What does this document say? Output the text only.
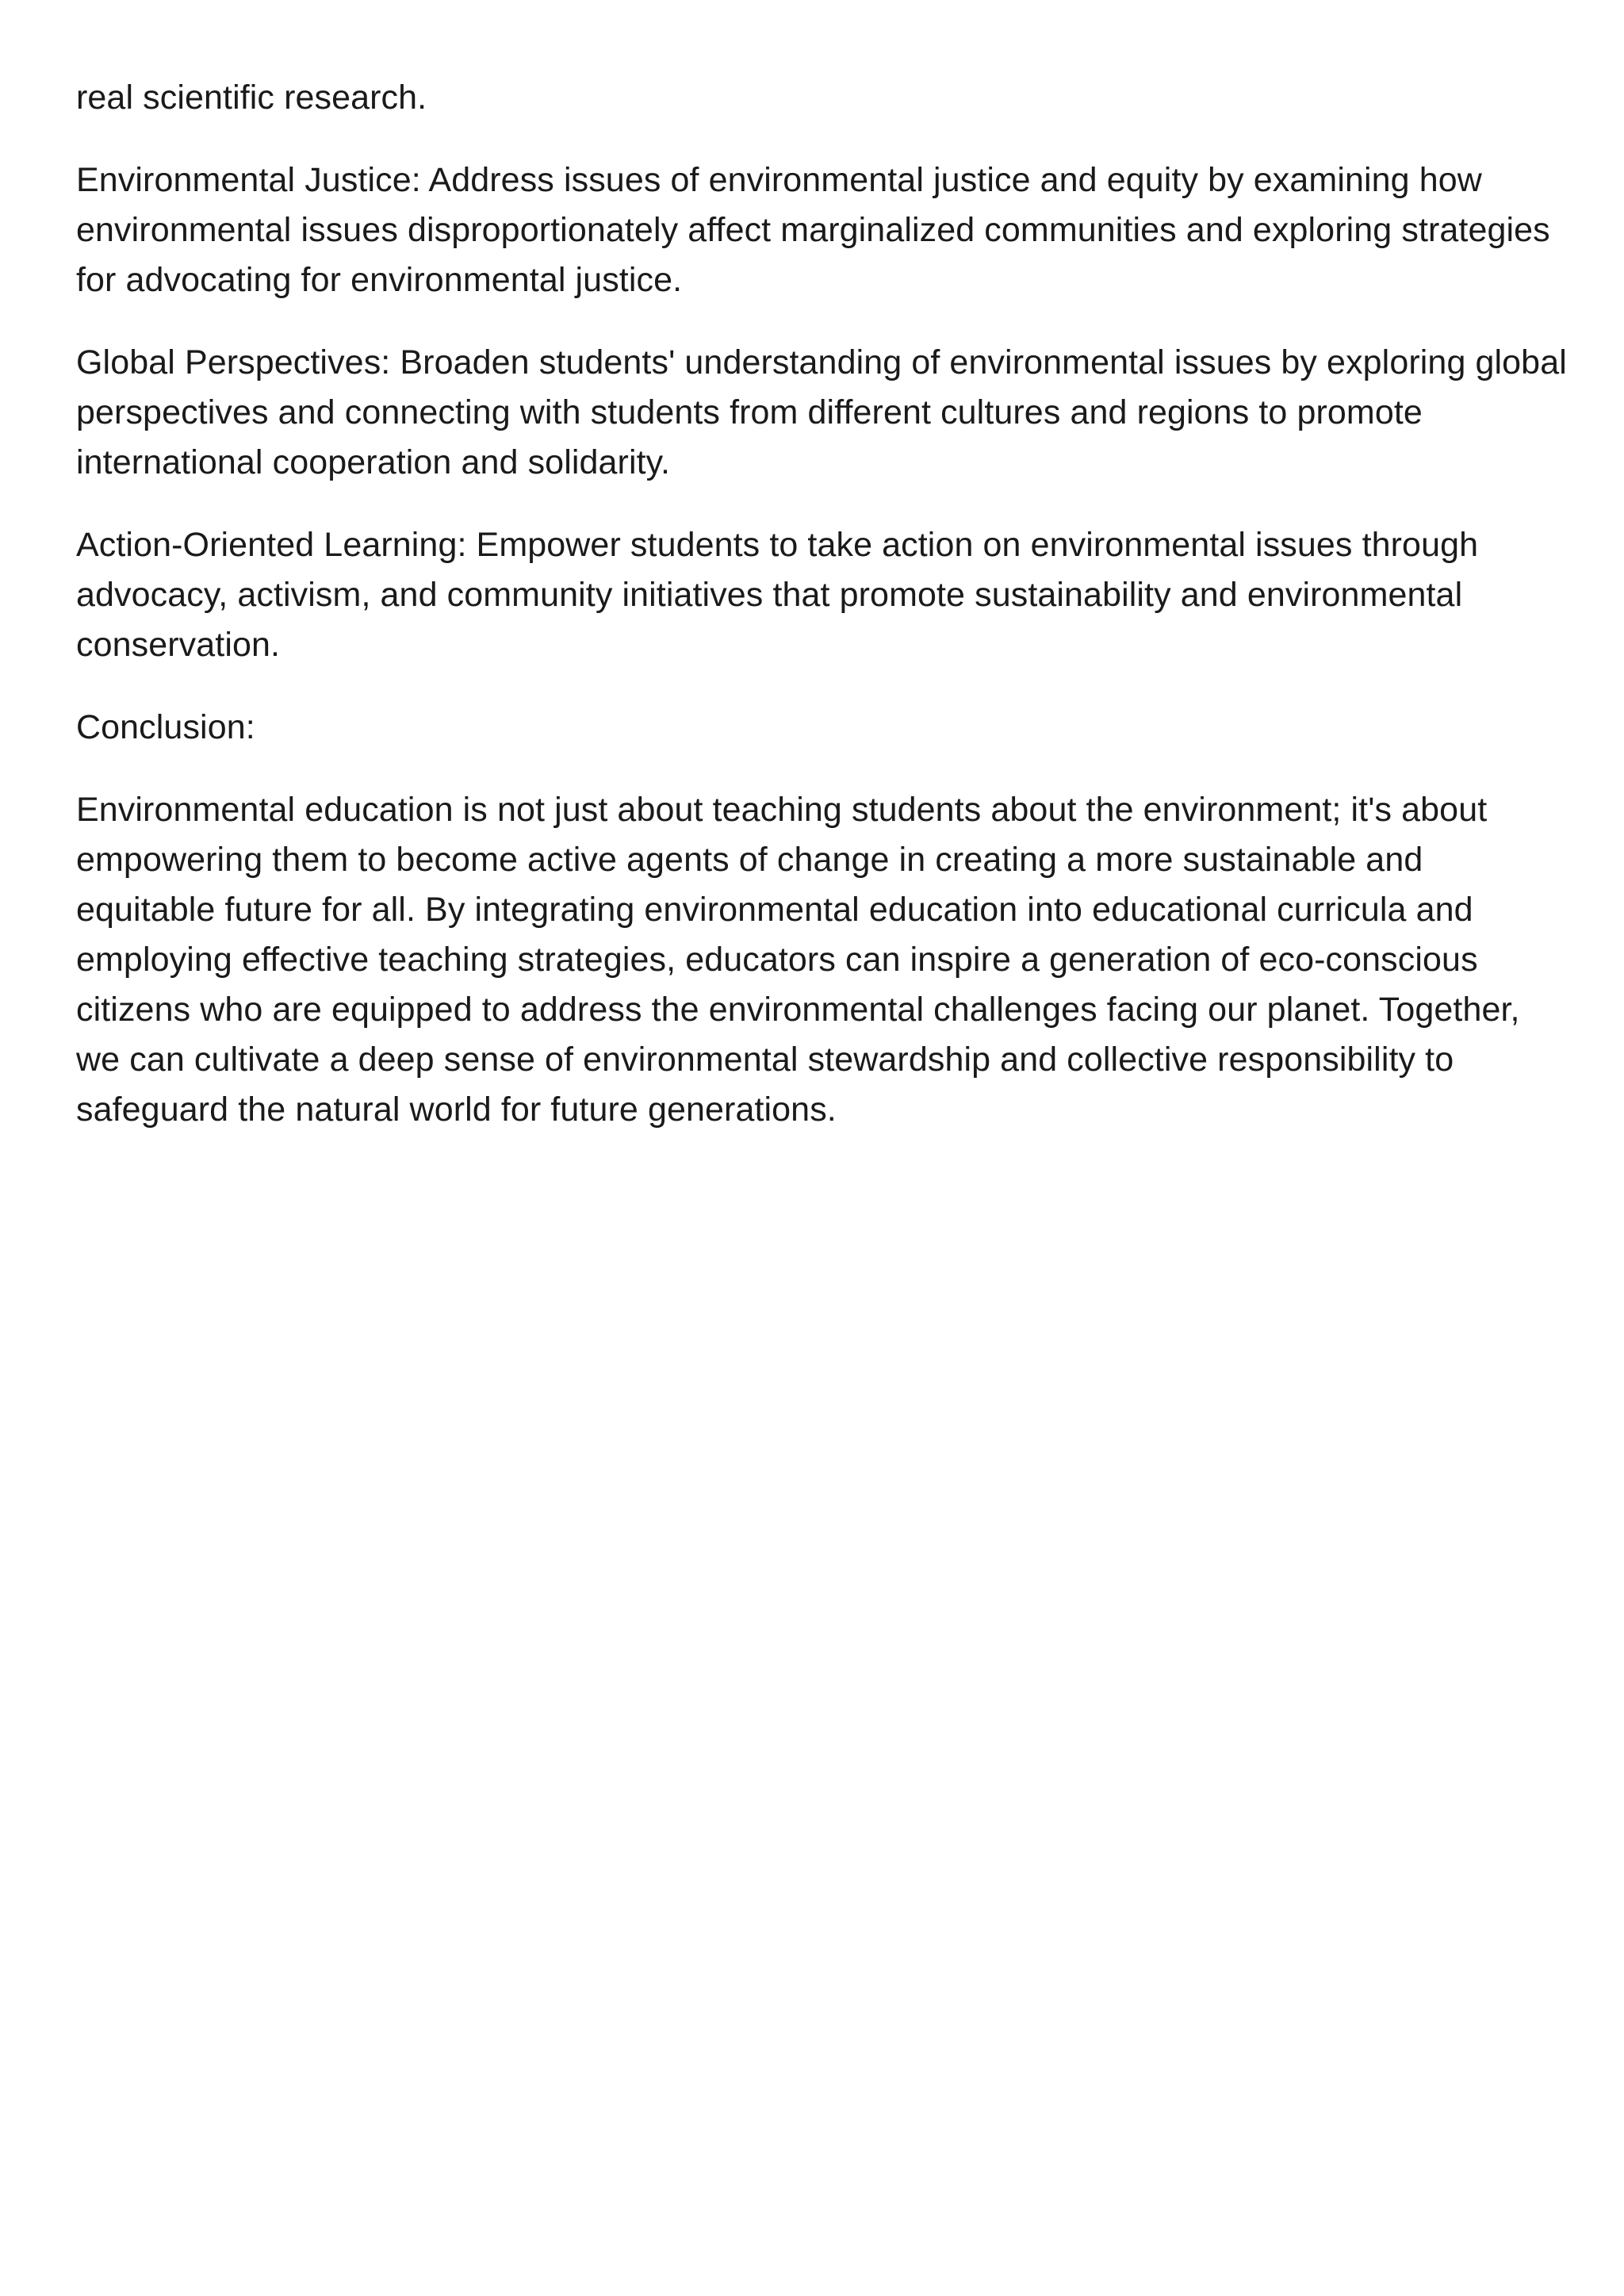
real scientific research.

Environmental Justice: Address issues of environmental justice and equity by examining how environmental issues disproportionately affect marginalized communities and exploring strategies for advocating for environmental justice.

Global Perspectives: Broaden students' understanding of environmental issues by exploring global perspectives and connecting with students from different cultures and regions to promote international cooperation and solidarity.

Action-Oriented Learning: Empower students to take action on environmental issues through advocacy, activism, and community initiatives that promote sustainability and environmental conservation.

Conclusion:

Environmental education is not just about teaching students about the environment; it's about empowering them to become active agents of change in creating a more sustainable and equitable future for all. By integrating environmental education into educational curricula and employing effective teaching strategies, educators can inspire a generation of eco-conscious citizens who are equipped to address the environmental challenges facing our planet. Together, we can cultivate a deep sense of environmental stewardship and collective responsibility to safeguard the natural world for future generations.
